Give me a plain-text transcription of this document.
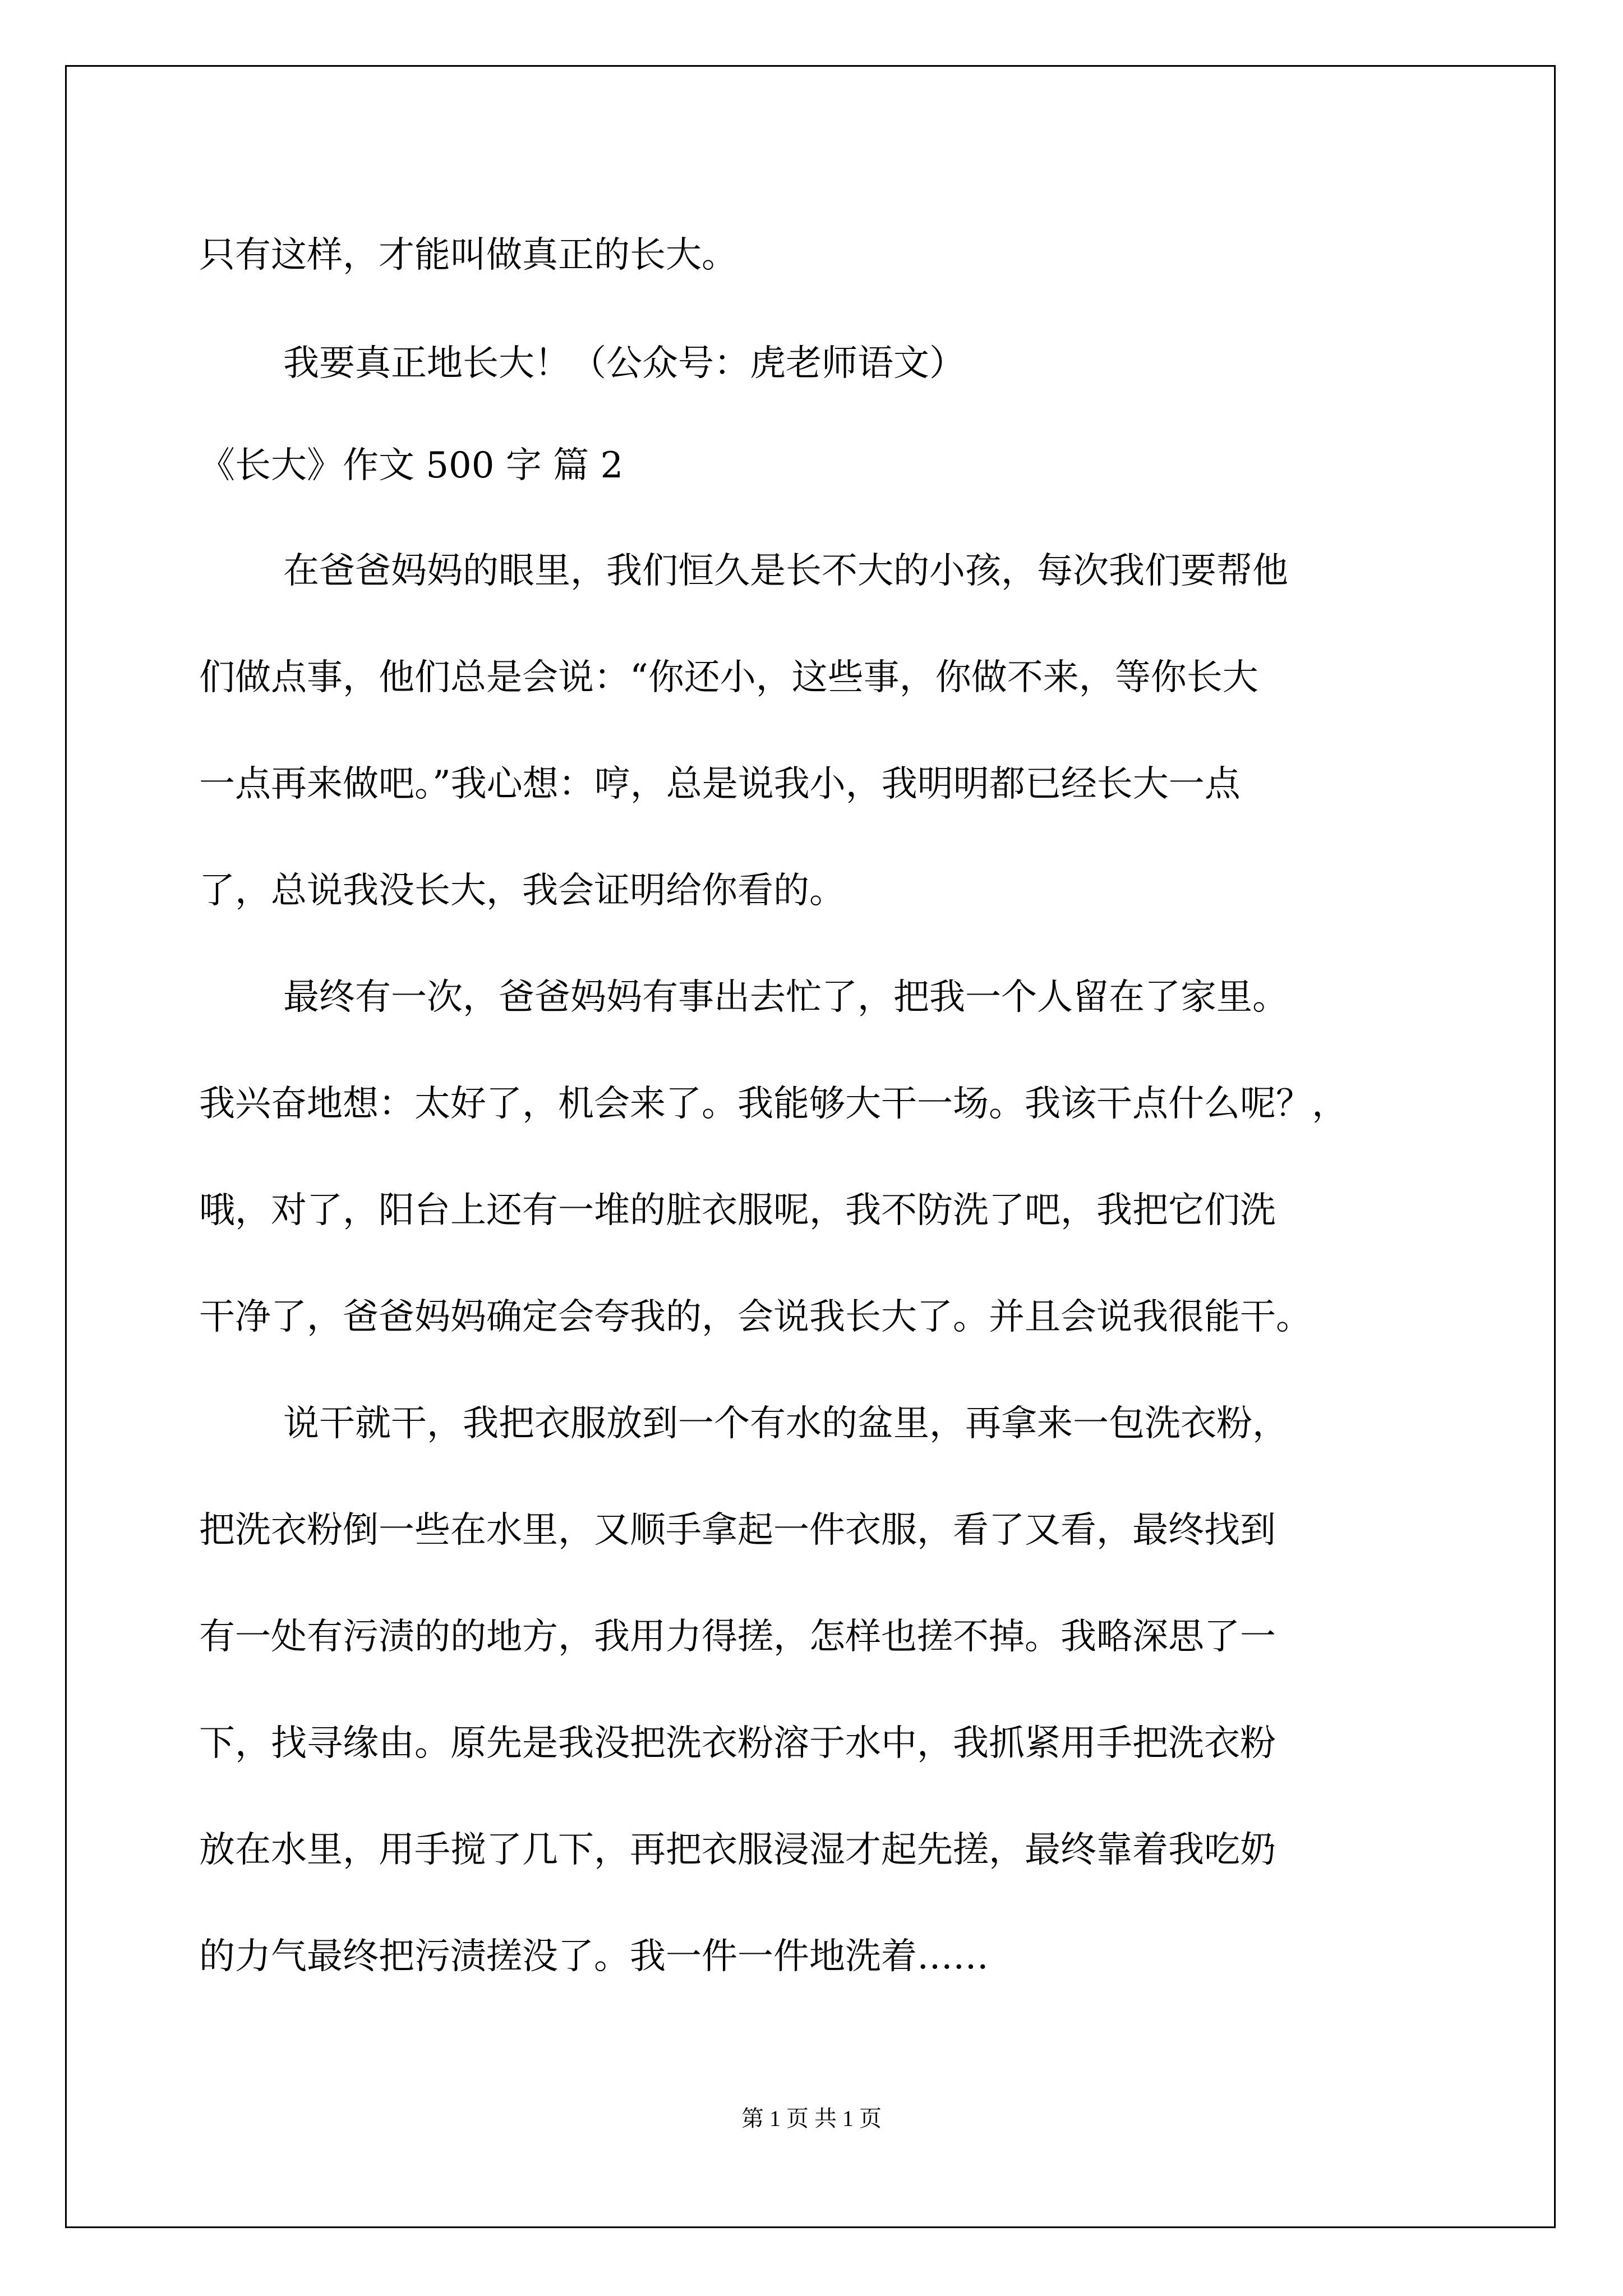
只有这样，才能叫做真正的长大。
我要真正地长大！（公众号：虎老师语文）
《长大》作文 500 字 篇 2
在爸爸妈妈的眼里，我们恒久是长不大的小孩，每次我们要帮他
们做点事，他们总是会说：“你还小，这些事，你做不来，等你长大
一点再来做吧。”我心想：哼，总是说我小，我明明都已经长大一点
了，总说我没长大，我会证明给你看的。
最终有一次，爸爸妈妈有事出去忙了，把我一个人留在了家里。
我兴奋地想：太好了，机会来了。我能够大干一场。我该干点什么呢？，
哦，对了，阳台上还有一堆的脏衣服呢，我不防洗了吧，我把它们洗
干净了，爸爸妈妈确定会夸我的，会说我长大了。并且会说我很能干。
说干就干，我把衣服放到一个有水的盆里，再拿来一包洗衣粉，
把洗衣粉倒一些在水里，又顺手拿起一件衣服，看了又看，最终找到
有一处有污渍的的地方，我用力得搓，怎样也搓不掉。我略深思了一
下，找寻缘由。原先是我没把洗衣粉溶于水中，我抓紧用手把洗衣粉
放在水里，用手搅了几下，再把衣服浸湿才起先搓，最终靠着我吃奶
的力气最终把污渍搓没了。我一件一件地洗着……
第 1 页 共 1 页
